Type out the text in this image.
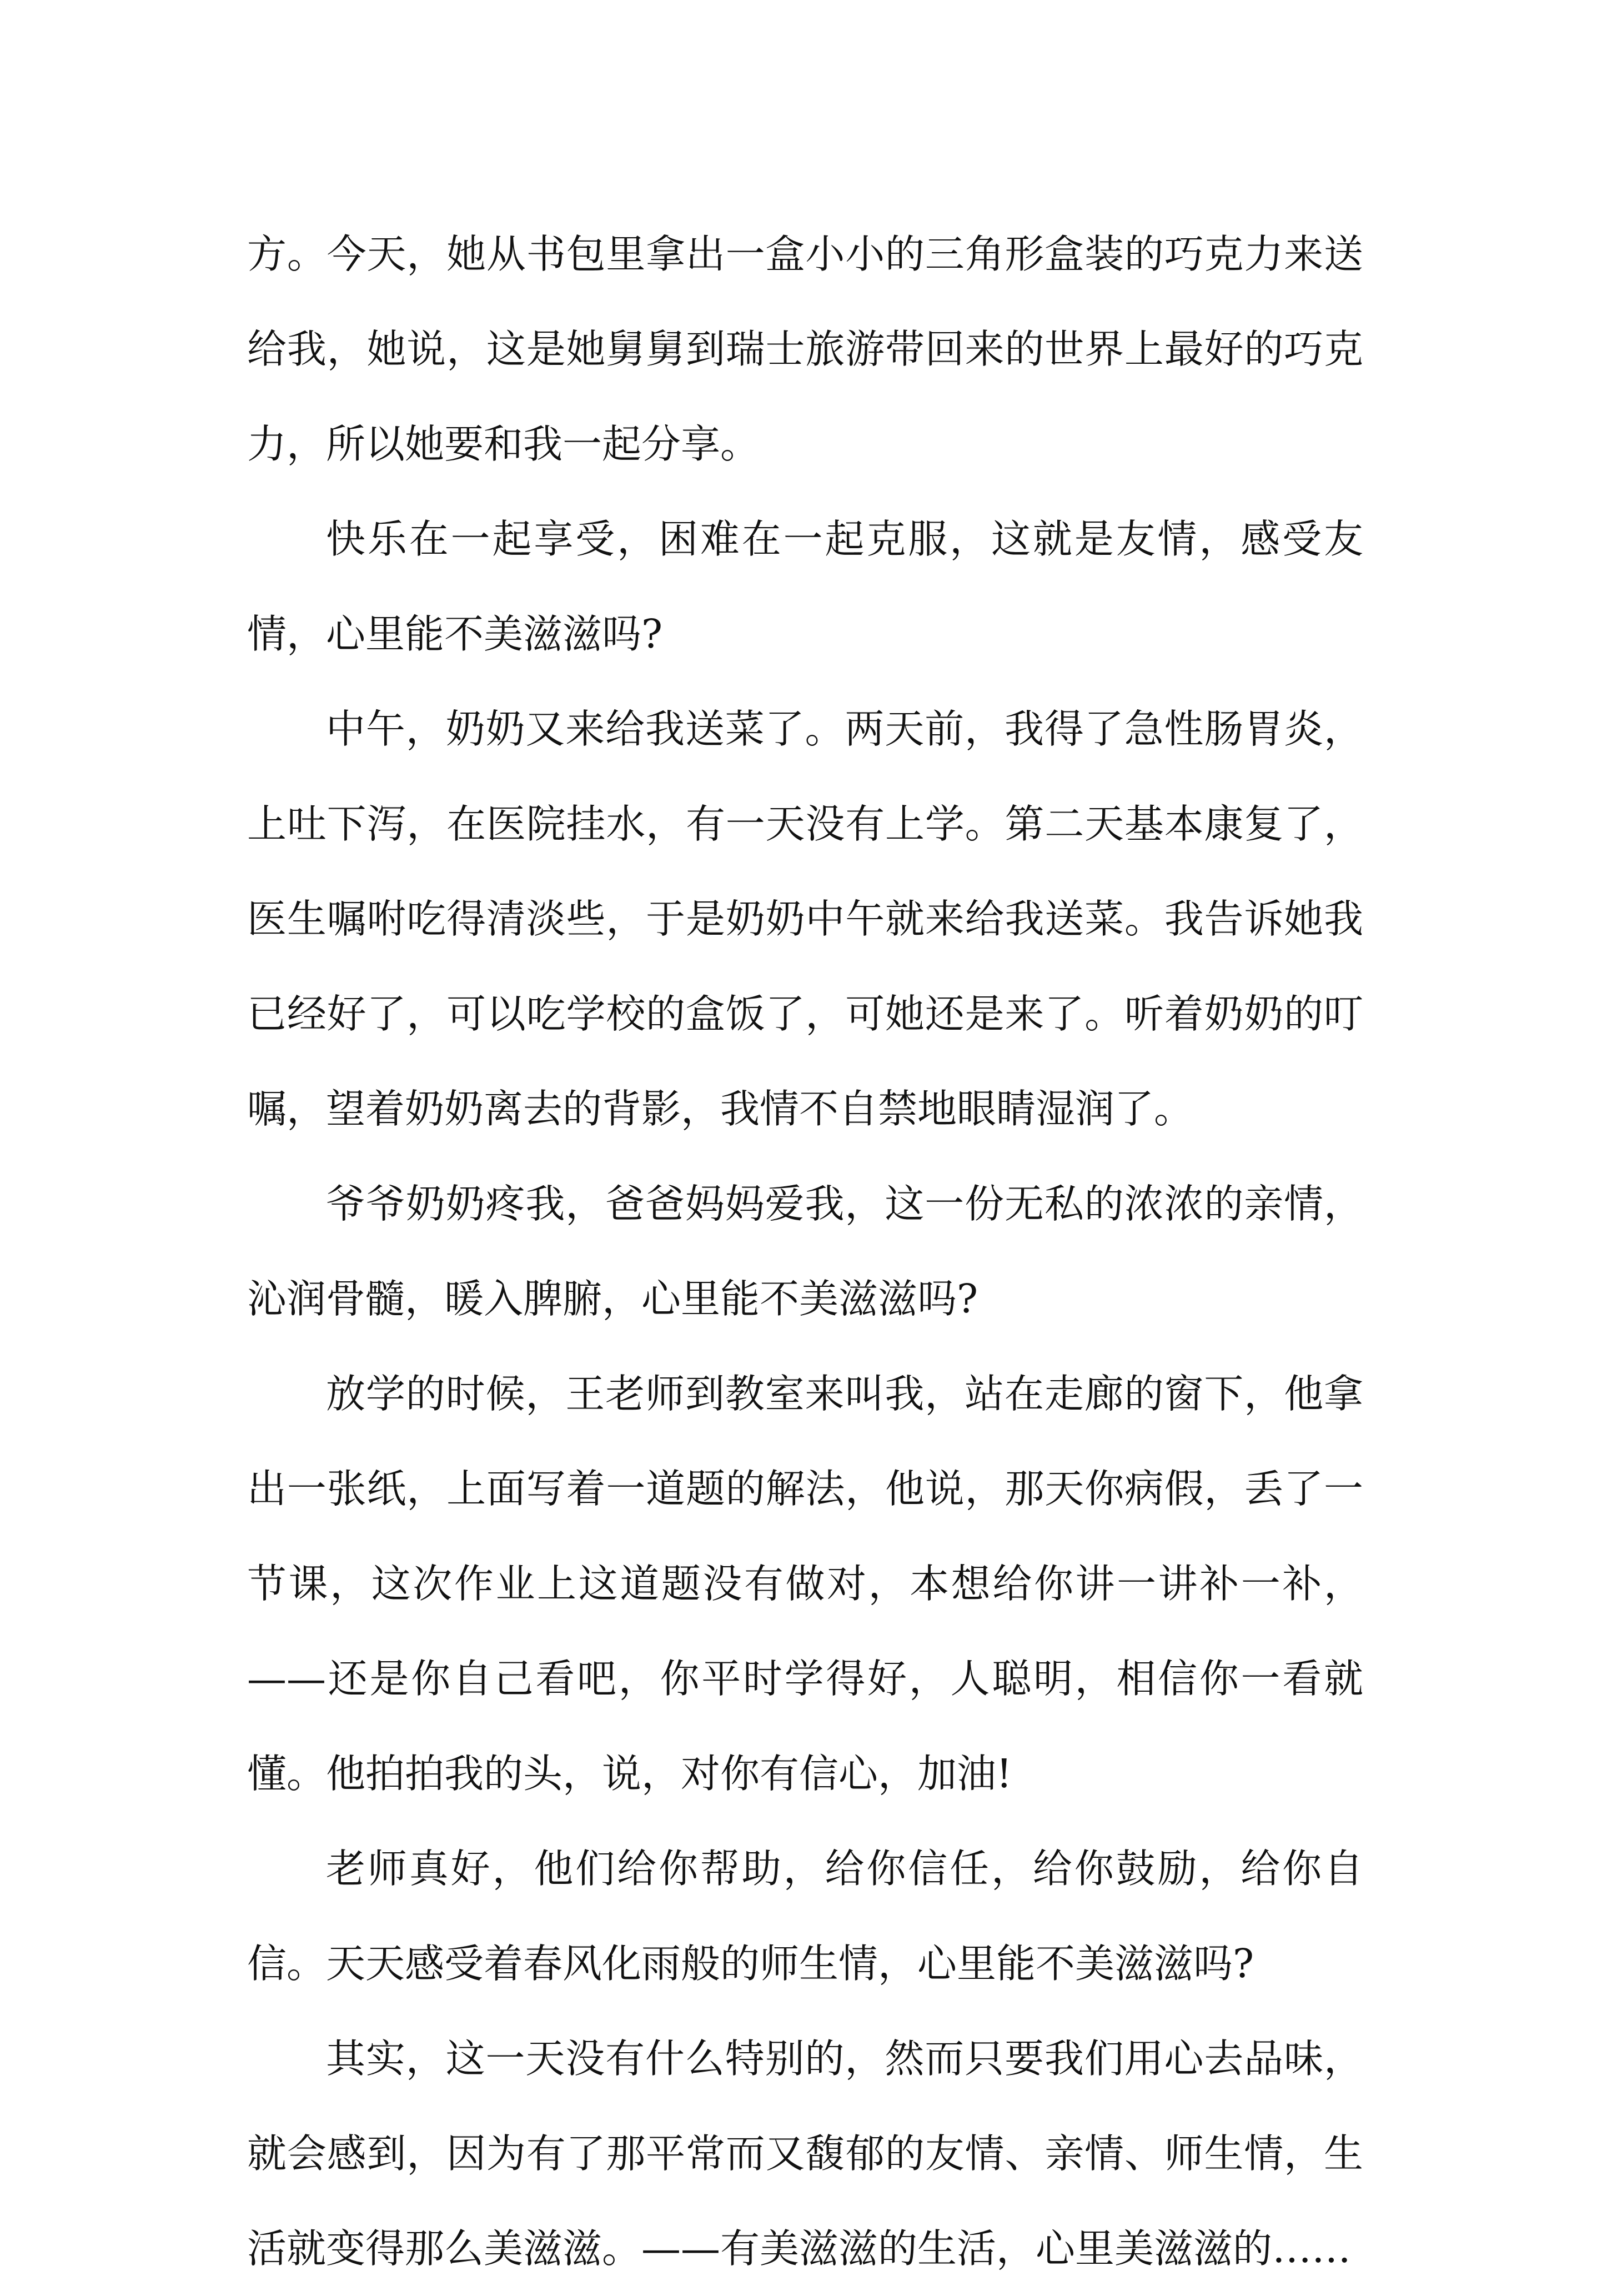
方。今天，她从书包里拿出一盒小小的三角形盒装的巧克力来送给我，她说，这是她舅舅到瑞士旅游带回来的世界上最好的巧克力，所以她要和我一起分享。

快乐在一起享受，困难在一起克服，这就是友情，感受友情，心里能不美滋滋吗?

中午，奶奶又来给我送菜了。两天前，我得了急性肠胃炎，上吐下泻，在医院挂水，有一天没有上学。第二天基本康复了，医生嘱咐吃得清淡些，于是奶奶中午就来给我送菜。我告诉她我已经好了，可以吃学校的盒饭了，可她还是来了。听着奶奶的叮嘱，望着奶奶离去的背影，我情不自禁地眼睛湿润了。

爷爷奶奶疼我，爸爸妈妈爱我，这一份无私的浓浓的亲情，沁润骨髓，暖入脾腑，心里能不美滋滋吗?

放学的时候，王老师到教室来叫我，站在走廊的窗下，他拿出一张纸，上面写着一道题的解法，他说，那天你病假，丢了一节课，这次作业上这道题没有做对，本想给你讲一讲补一补，——还是你自己看吧，你平时学得好，人聪明，相信你一看就懂。他拍拍我的头，说，对你有信心，加油!

老师真好，他们给你帮助，给你信任，给你鼓励，给你自信。天天感受着春风化雨般的师生情，心里能不美滋滋吗?

其实，这一天没有什么特别的，然而只要我们用心去品味，就会感到，因为有了那平常而又馥郁的友情、亲情、师生情，生活就变得那么美滋滋。——有美滋滋的生活，心里美滋滋的……
